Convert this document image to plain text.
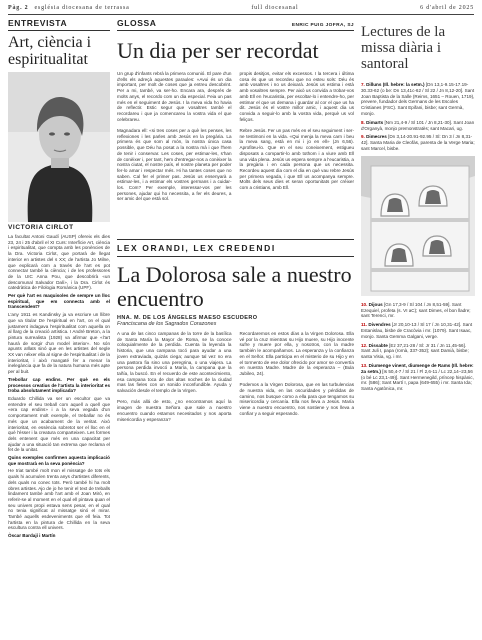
Pàg. 2 església diocesana de terrassa	full diocesanal	6 d'abril de 2025
ENTREVISTA
Art, ciència i espiritualitat
VICTORIA CIRLOT

La facultat Antoni Gaudí (AUSP) ofereix els dies 23, 24 i 25 d'abril el XI Curs: Interfície Art, ciència i espiritualitat, que compta amb les ponències de la Dra. Victoria Cirlot, que portarà de llegat interior en artistes del s XX; de l'artista Jo Milne, que explicarà com a través de l'art es pot connectar també la ciència; i de les professores de la UIC Anna Pou, que descobrirà «un descomunal Salvador Dalí», i la Dra. Cirlot és catedràtica de Filologia Romànica (UPF).

Per què l'art es maquisoles de sempre un lloc espiritual, que em connecta amb el transcendent?

L'any 1911 es Kandinsky ja va escriure un llibre que va titular De l'espiritual en l'art, on el qual justament indagava l'espiritualitat com aquella on al llarg de la creació artística. I André Breton, a la pintura surrealista (1928) va afirmar que «l'art haurà de sorgir d'un model interior». No són apunts aïllats sinó que en les artistes del segle XX van néixer ella al signe de l'espiritualitat i de la interioritat, i això mangaté fer a menar la inelegància que fa de la natura humana més apte per al buit.

Trebollar cap endins. Per què en els processos creatius de l'artista la interioritat es troba absolutament implicada?

Eduardo Chillida va ser un escultor que va entendre el seu treball com aquell a quell que «era cap endins» i a la seva vegada d'un comportament molt exemple, el treballar no és més que un acabament de la veritat. Això interioritat, en essència sobretot ser el lloc en el què l'ésser i la creatura comparteixen. Les formes dels entenent que més en una capacitat per ajudar a una situació tan extrema que reclama el fet de la unitat.

Quins exemples confirmen aquesta implicació que mostrarà en la seva ponència?

He triat també molt mon el missatge de tots els quals hi acumulen trenta anys d'artistes diferents, dels quals no conec tots. Però també hi ha molt obres artistes. Ajo de jo he tenir el text de treballs lindament també amb l'art amb el Joan Miró, en referir-se al moment en el qual ell pintava quan el seu univers propi estava sens pesar, en el qual no tenia significat al missatge sinó el mirar. També aquells esdeveniments que ell feia. Tot l'artista en la pintura de Chillida en la seva escultura contra ell univers.

Òscar Bardají i Martín

GLOSSA	ENRIC PUIG JOFRA, SJ
Un dia per ser recordat
Un grup d'infants rebrà la primera comunió. El pare d'un d'ells els adreçà aquestes paraules: «Avui és un dia important, per molt de coses que ja entreu descobrint. Per a mi, també, va ser-ho. Encara ara, després de molts anys, el recordo com un dia especial. Feia un pas més en el seguiment de Jesús. I la meva vida ho havia de reflectir. Estic segur que vosaltres també el recordareu i que ja comencareu la vostra vida el que celebrareu.

Magnadara ell: «si tres coses per a què les penses, les reflexiones i les parles amb Jesús en la pregària. La primera és que som al món, la nostra única casa possible, que Déu ha posat a la nostra mà i que l'hem de tenir i conservar. Les coses, per estimar-les, s'han de conèixer i, per tant, hem d'entregar-nos a conèixer la nostra ciutat, el nostre país, el nostre planeta per poder fer-lo amar i respectar més. Hi ha tantes coses que no saben. Cal fer el primer pas. Jesús us ensenyarà a estimar-les, i a estimar els vostres germans i a cuidar-los. Com? Per exemple, interessar-vos per les persones, ajudar qui ho necessita, a fer els deures, a ser amic del que està sol.
propis desitjos, evitar els excessos. I la tercera i última cosa és que us recordeu que no esteu sols: Déu és amb vosaltres i no us deixarà. Jesús us estima i està amb vosaltres sempre. Per això us convida a trobar-vos amb Ell en l'eucaristia, per escoltar-lo i entendre-ho, per estimar el que us demana i guardar al cor el que us ha dit. Jesús és el vostre millor amic, i aquest dia us convida a seguir-lo amb la vostra vida, perquè us vol feliços.

Rebre Jesús. Fer un pas més en el seu seguiment i ser-ne testimoni en la vida. «Qui menja la meva carn i beu la meva sang, està en mi i jo en ell» (Jn 6,56). Aprofiteu-lo. Que en el seu coneixement, estigueu disposats a compartir-lo amb tothom i a viure amb Ell una vida plena. Jesús us espera sempre a l'eucaristia, a la pregària i en cada persona que us necessita. Recordeu aquest dia com el dia en què vau rebre Jesús per primera vegada, i que Ell us acompanya sempre. Molts dels seus dies et seran oportunitats per créixer com a cristians, amb Ell.
LEX ORANDI, LEX CREDENDI
La Dolorosa sale a nuestro encuentro
HNA. M. DE LOS ÁNGELES MAESO ESCUDERO
Franciscana de los Sagrados Corazones
A una de las cinco campanas de la torre de la basílica de Santa María la Mayor de Roma, se la conoce coloquialmente de la perdida. Cuenta la leyenda la historia, que una campana tocó para ayudar a una joven extraviada, quizás ciega; aunque tal vez no era una pastora fia sino una peregrina, o una viajera. La persona perdida invocó a María, la campana que la tañía, la buscó. En el recuerdo de este acontecimiento, esa campana toca de dos altas noches de la ciudad mas las fieles con un sonido inconfundible. Ayuda y salvación desde el templo de la Virgen.

Pero, más allá de esto, ¿no encontramos aquí la imagen de nuestra Señora que sale a nuestro encuentro cuando estamos necesitados y nos aporta misericordia y esperanza?
Recordaremos en estos días a la Virgen Dolorosa. Ella vé por la cruz mientras su Hijo muere, su Hijo inocente sufre y muere por ella, y nosotros, con la madre también le acompañamos. La esperanza y la confianza en el Señor. Ella participa en el misterio de su Hijo y en el tormento de ese dolor ofrecido por amor se convertía en nuestra Madre. Madre de la esperanza – (Bula Jubileo, 24).

Podemos a la Virgen Dolorosa, que en las turbulencias de nuestra vida, en las oscuridades y pérdidas de camino, nos busque como a ella para que tengamos su misericordia y cercanía. Ella nos lleva a Jesús. María viene a nuestro encuentro, nos sostiene y nos lleva a confiar y a seguir esperando.
Lectures de la missa diària i santoral
7. Dilluns (Ill. hebre: la setm.) [Dn 13,1-9.15-17.19-30.33-62 (o be: Dn 13,41c-62 / Sl 22 / Jn 8,12-20]. Sant Joan Baptista de la Salle (Reims, 1651 – Rouen, 1719), prevere, fundador dels Germans de les Escoles Cristianes (FSC). Sant Epifani, bisbe; sant Germà, monjo.
8. Dimarts [Nm 21,4-9 / Sl 101 / Jn 8,21-30]. Sant Joan d'Organyà, monjo premonstratès; sant Macari, ug.
9. Dimecres [Dn 3,14-20.91-92.95 / Sl: Dn 3 / Jn 8,31-42]. Santa Maria de Cleofàs, parenta de la Verge Maria; sant Marcel, bisbe.
10. Dijous [Gn 17,3-9 / Sl 104 / Jn 8,51-59]. Sant Ezequiel, profeta (s. VI aC); sant Dimes, el bon lladre; sant Terenci, mr.
11. Divendres [Jr 20,10-13 / Sl 17 / Jn 10,31-42]. Sant Estanislau, bisbe de Cracòvia i mr. (1079). Sant Isaac, monjo. Santa Gemma Galgani, verge.
12. Dissabte [Ez 37,21-28 / Sl: Jr 31 / Jn 11,45-56]. Sant Juli I, papa (romà, 337-352); sant Damià, bisbe; santa Visia, vg. i mr.
13. Diumenge vinent, diumenge de Rams (Ill. hebre: 2a setm.) [Is 50,4-7 / Sl 21 / Fl 2,6-11 / Lc 22,14–23,56 (o bé Lc 23,1-49)]. Sant Hermenegild, príncep hispànic, mr. (586); Sant Martí I, papa (649-655) i mr. Santa Ida; Santa Agatònica, mr.
